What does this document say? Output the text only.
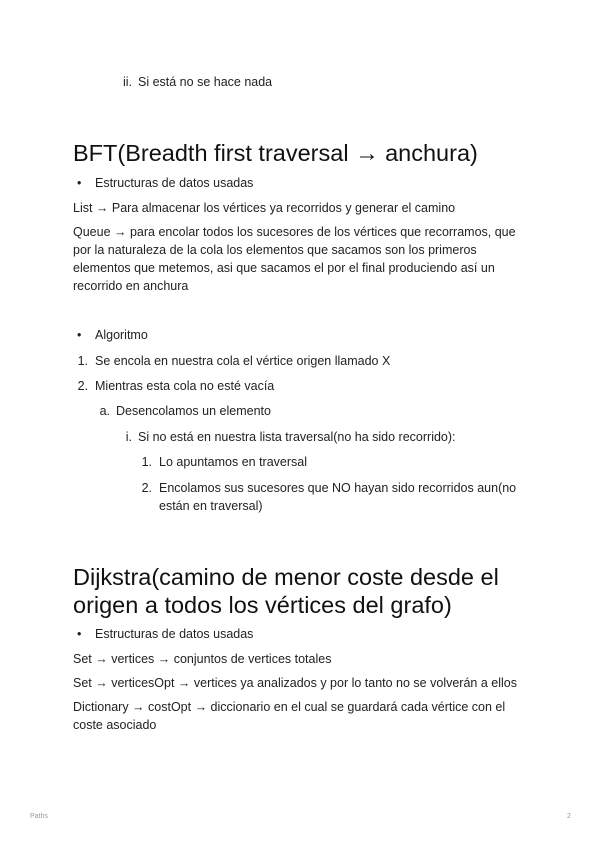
ii. Si está no se hace nada
BFT(Breadth first traversal → anchura)
• Estructuras de datos usadas
List → Para almacenar los vértices ya recorridos y generar el camino
Queue → para encolar todos los sucesores de los vértices que recorramos, que
por la naturaleza de la cola los elementos que sacamos son los primeros
elementos que metemos, asi que sacamos el por el final produciendo así un
recorrido en anchura
• Algoritmo
1. Se encola en nuestra cola el vértice origen llamado X
2. Mientras esta cola no esté vacía
a. Desencolamos un elemento
i. Si no está en nuestra lista traversal(no ha sido recorrido):
1. Lo apuntamos en traversal
2. Encolamos sus sucesores que NO hayan sido recorridos aun(no
están en traversal)
Dijkstra(camino de menor coste desde el
origen a todos los vértices del grafo)
• Estructuras de datos usadas
Set → vertices → conjuntos de vertices totales
Set → verticesOpt → vertices ya analizados y por lo tanto no se volverán a ellos
Dictionary → costOpt → diccionario en el cual se guardará cada vértice con el
coste asociado
Paths	2
